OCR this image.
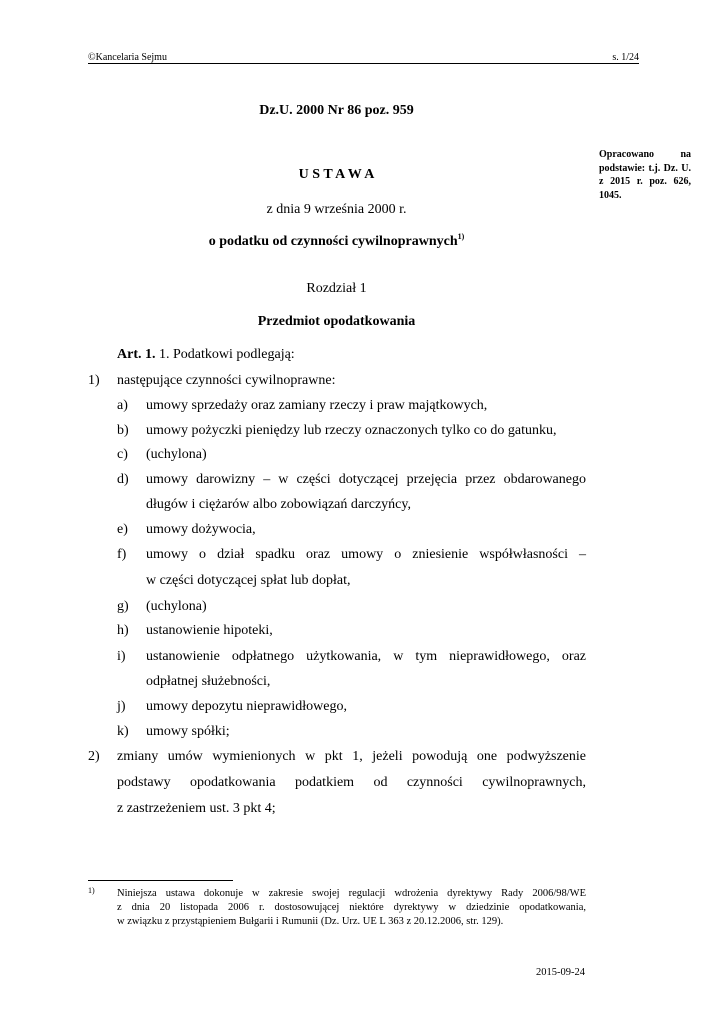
©Kancelaria Sejmu	s. 1/24
Dz.U. 2000 Nr 86 poz. 959
Opracowano na podstawie: t.j. Dz. U. z 2015 r. poz. 626, 1045.
U S T A W A
z dnia 9 września 2000 r.
o podatku od czynności cywilnoprawnych$^{1)}$
Rozdział 1
Przedmiot opodatkowania
Art. 1. 1. Podatkowi podlegają:
1) następujące czynności cywilnoprawne:
a) umowy sprzedaży oraz zamiany rzeczy i praw majątkowych,
b) umowy pożyczki pieniędzy lub rzeczy oznaczonych tylko co do gatunku,
c) (uchylona)
d) umowy darowizny – w części dotyczącej przejęcia przez obdarowanego
długów i ciężarów albo zobowiązań darczyńcy,
e) umowy dożywocia,
f) umowy o dział spadku oraz umowy o zniesienie współwłasności –
w części dotyczącej spłat lub dopłat,
g) (uchylona)
h) ustanowienie hipoteki,
i) ustanowienie odpłatnego użytkowania, w tym nieprawidłowego, oraz
odpłatnej służebności,
j) umowy depozytu nieprawidłowego,
k) umowy spółki;
2) zmiany umów wymienionych w pkt 1, jeżeli powodują one podwyższenie
podstawy opodatkowania podatkiem od czynności cywilnoprawnych,
z zastrzeżeniem ust. 3 pkt 4;
1) Niniejsza ustawa dokonuje w zakresie swojej regulacji wdrożenia dyrektywy Rady 2006/98/WE
z dnia 20 listopada 2006 r. dostosowującej niektóre dyrektywy w dziedzinie opodatkowania,
w związku z przystąpieniem Bułgarii i Rumunii (Dz. Urz. UE L 363 z 20.12.2006, str. 129).
2015-09-24
